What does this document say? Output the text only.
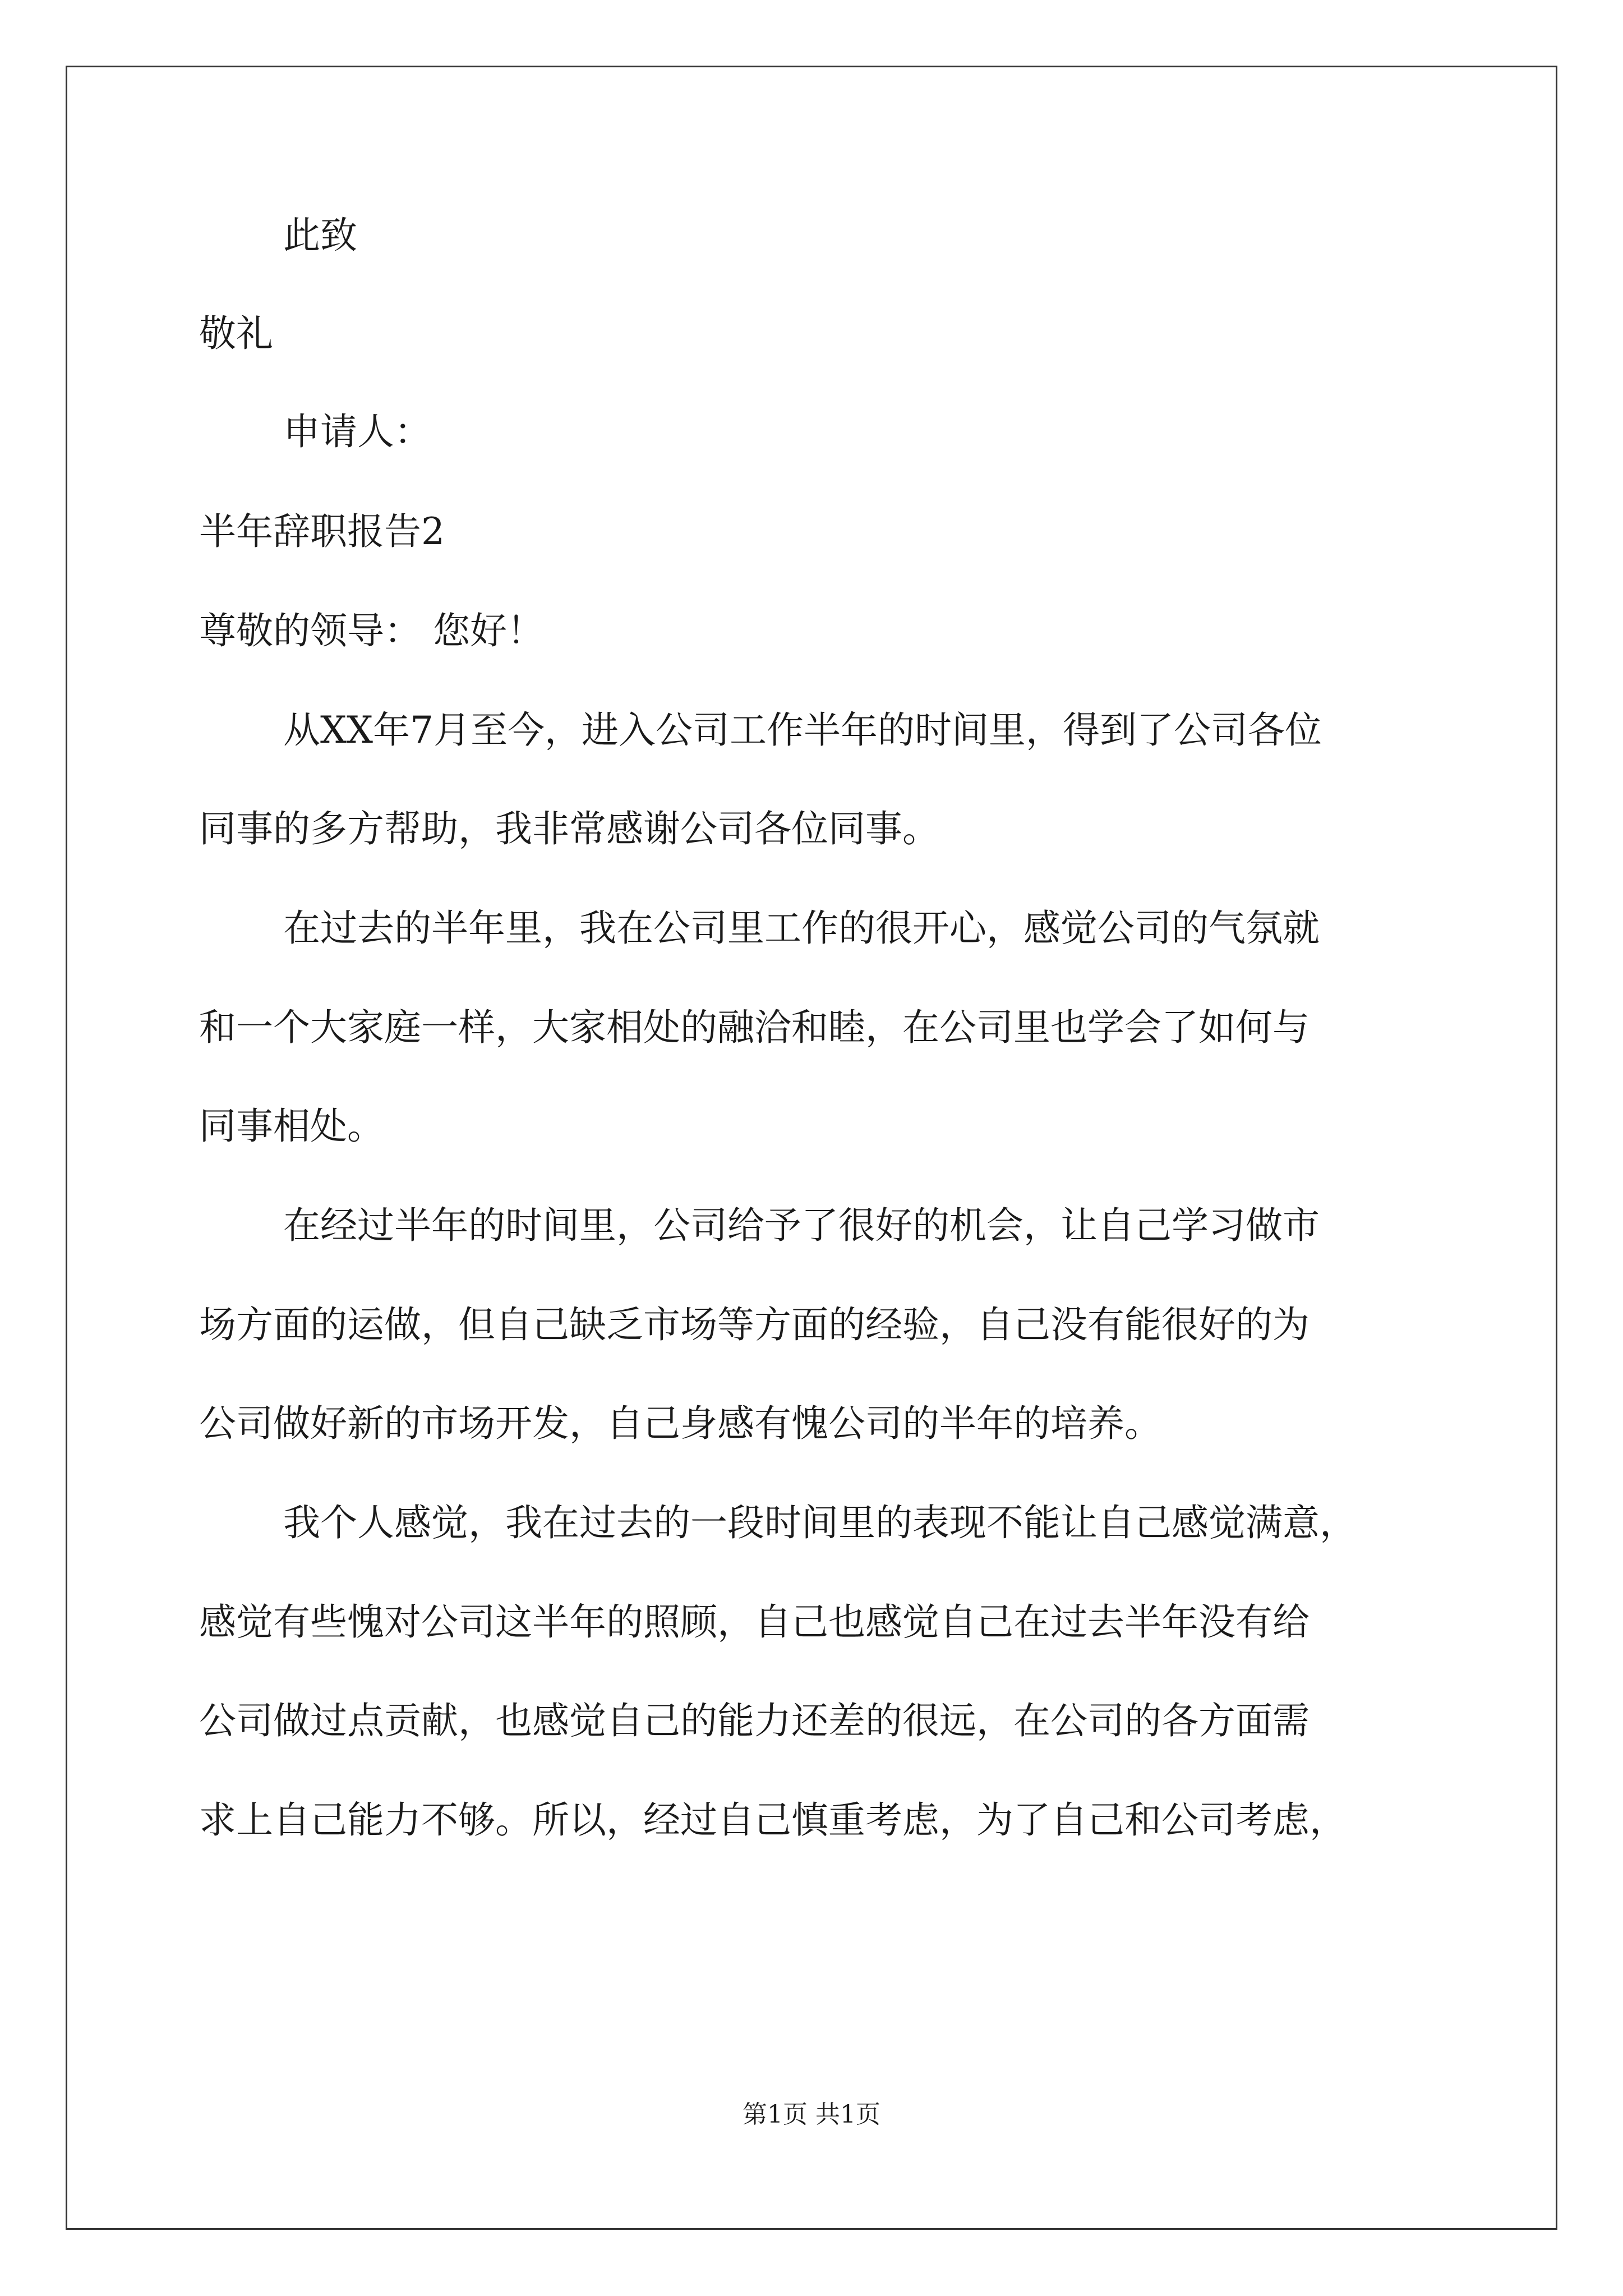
此致
敬礼
申请人：
半年辞职报告2
尊敬的领导： 您好！
从XX年7月至今，进入公司工作半年的时间里，得到了公司各位
同事的多方帮助，我非常感谢公司各位同事。
在过去的半年里，我在公司里工作的很开心，感觉公司的气氛就
和一个大家庭一样，大家相处的融洽和睦，在公司里也学会了如何与
同事相处。
在经过半年的时间里，公司给予了很好的机会，让自己学习做市
场方面的运做，但自己缺乏市场等方面的经验，自己没有能很好的为
公司做好新的市场开发，自己身感有愧公司的半年的培养。
我个人感觉，我在过去的一段时间里的表现不能让自己感觉满意，
感觉有些愧对公司这半年的照顾，自己也感觉自己在过去半年没有给
公司做过点贡献，也感觉自己的能力还差的很远，在公司的各方面需
求上自己能力不够。所以，经过自己慎重考虑，为了自己和公司考虑，
第1页 共1页
